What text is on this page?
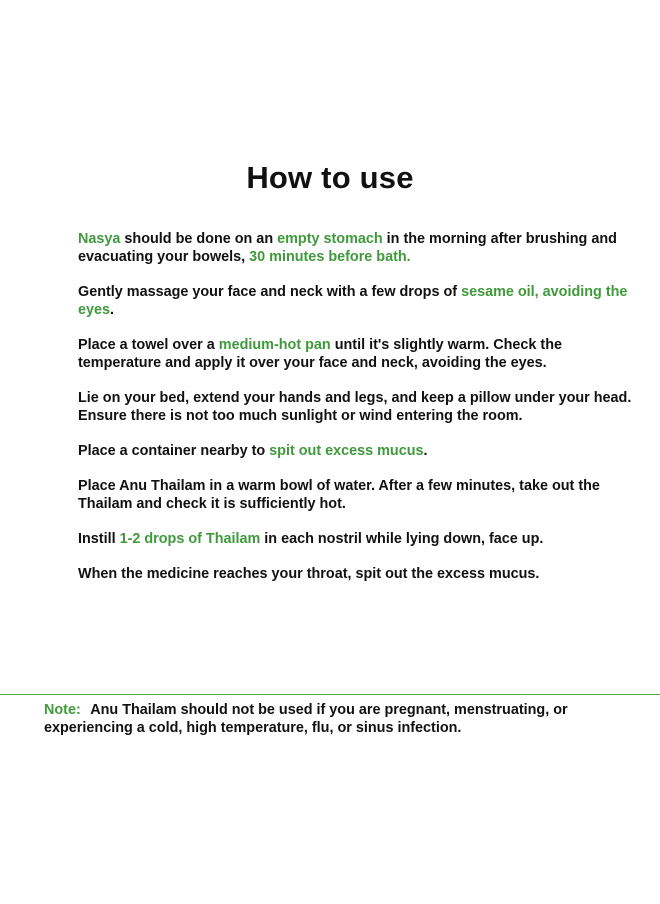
How to use

Nasya should be done on an empty stomach in the morning after brushing and evacuating your bowels, 30 minutes before bath.

Gently massage your face and neck with a few drops of sesame oil, avoiding the eyes.

Place a towel over a medium-hot pan until it's slightly warm. Check the temperature and apply it over your face and neck, avoiding the eyes.

Lie on your bed, extend your hands and legs, and keep a pillow under your head. Ensure there is not too much sunlight or wind entering the room.

Place a container nearby to spit out excess mucus.

Place Anu Thailam in a warm bowl of water. After a few minutes, take out the Thailam and check it is sufficiently hot.

Instill 1-2 drops of Thailam in each nostril while lying down, face up.

When the medicine reaches your throat, spit out the excess mucus.

Note: Anu Thailam should not be used if you are pregnant, menstruating, or experiencing a cold, high temperature, flu, or sinus infection.
